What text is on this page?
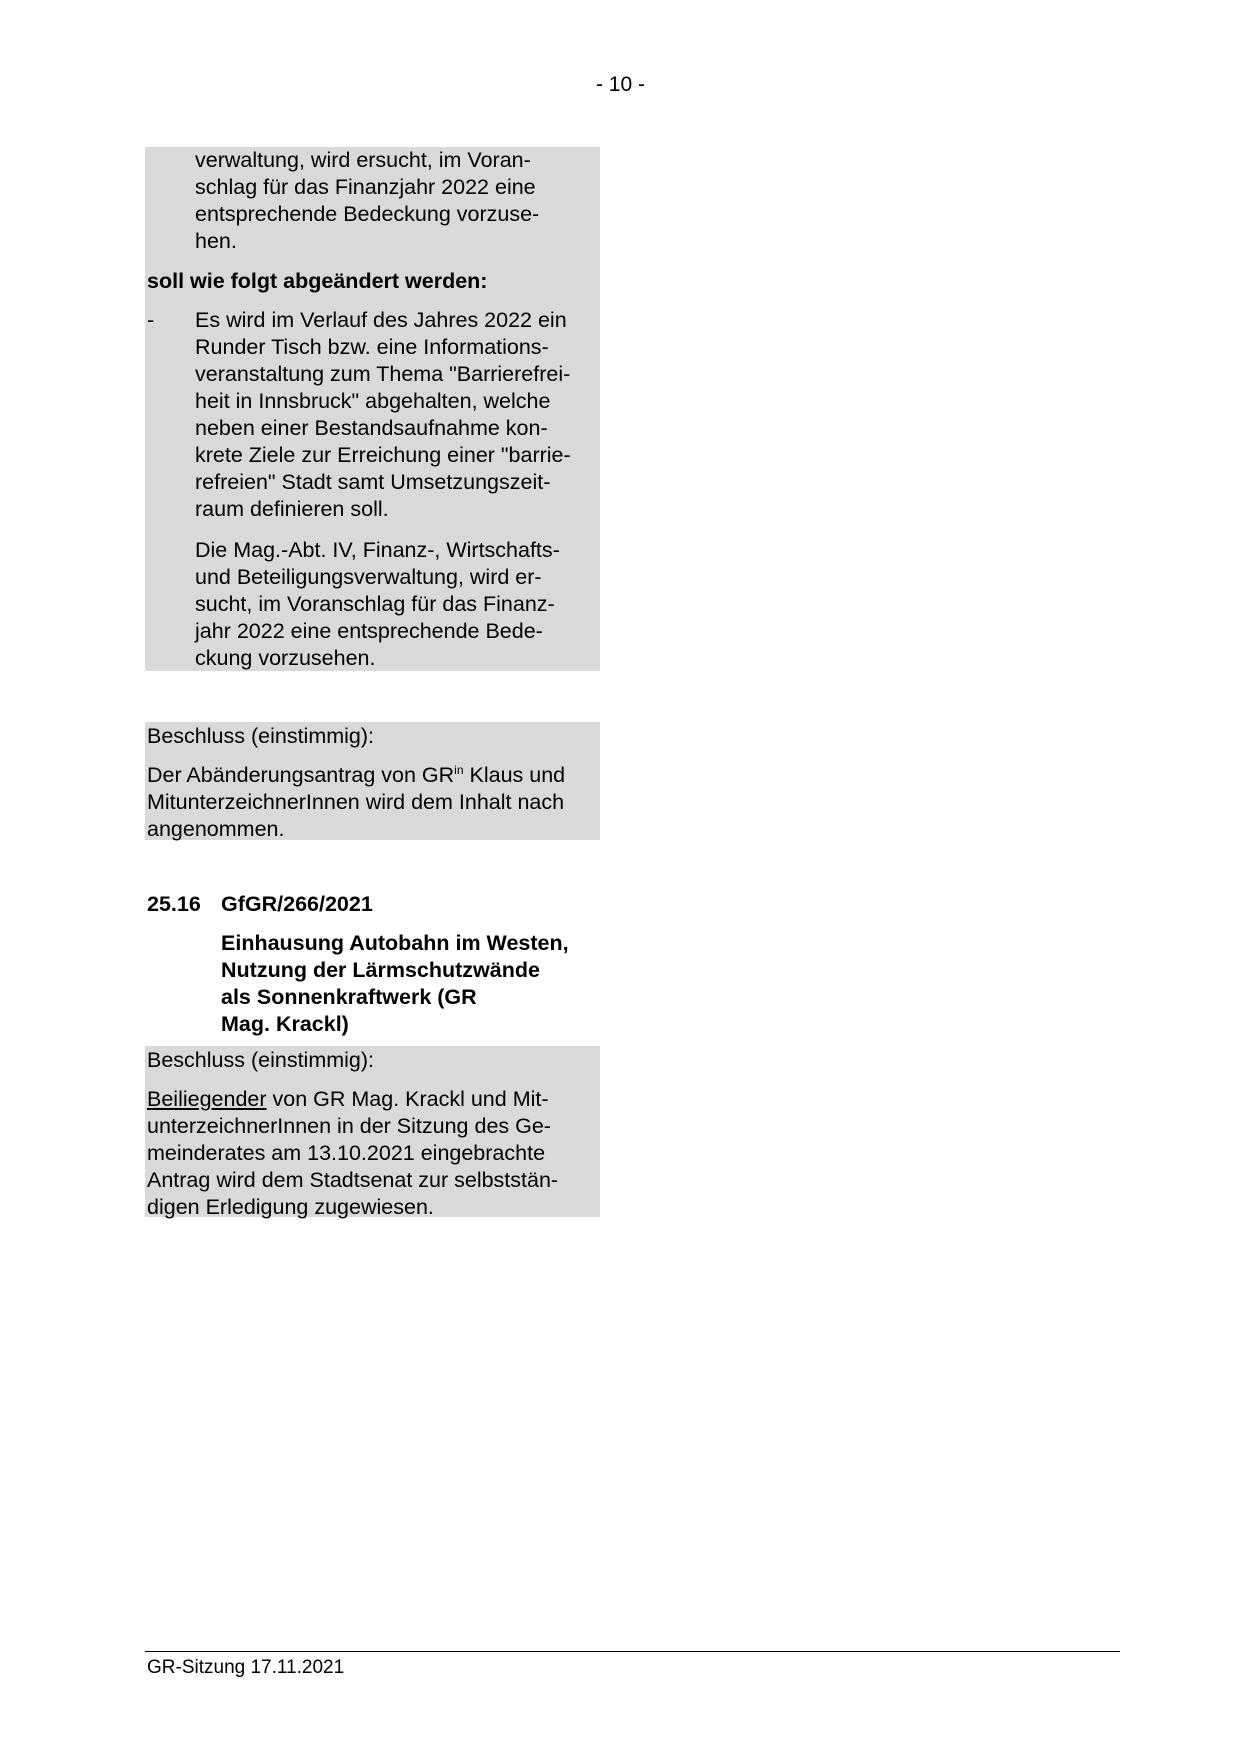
- 10 -
verwaltung, wird ersucht, im Voran-
schlag für das Finanzjahr 2022 eine
entsprechende Bedeckung vorzuse-
hen.
soll wie folgt abgeändert werden:
- Es wird im Verlauf des Jahres 2022 ein
Runder Tisch bzw. eine Informations-
veranstaltung zum Thema "Barrierefrei-
heit in Innsbruck" abgehalten, welche
neben einer Bestandsaufnahme kon-
krete Ziele zur Erreichung einer "barrie-
refreien" Stadt samt Umsetzungszeit-
raum definieren soll.
Die Mag.-Abt. IV, Finanz-, Wirtschafts-
und Beteiligungsverwaltung, wird er-
sucht, im Voranschlag für das Finanz-
jahr 2022 eine entsprechende Bede-
ckung vorzusehen.
Beschluss (einstimmig):
Der Abänderungsantrag von $GR^{in}$ Klaus und
MitunterzeichnerInnen wird dem Inhalt nach
angenommen.
25.16 GfGR/266/2021
Einhausung Autobahn im Westen,
Nutzung der Lärmschutzwände
als Sonnenkraftwerk (GR
Mag. Krackl)
Beschluss (einstimmig):
Beiliegender von GR Mag. Krackl und Mit-
unterzeichnerInnen in der Sitzung des Ge-
meinderates am 13.10.2021 eingebrachte
Antrag wird dem Stadtsenat zur selbststän-
digen Erledigung zugewiesen.
GR-Sitzung 17.11.2021
